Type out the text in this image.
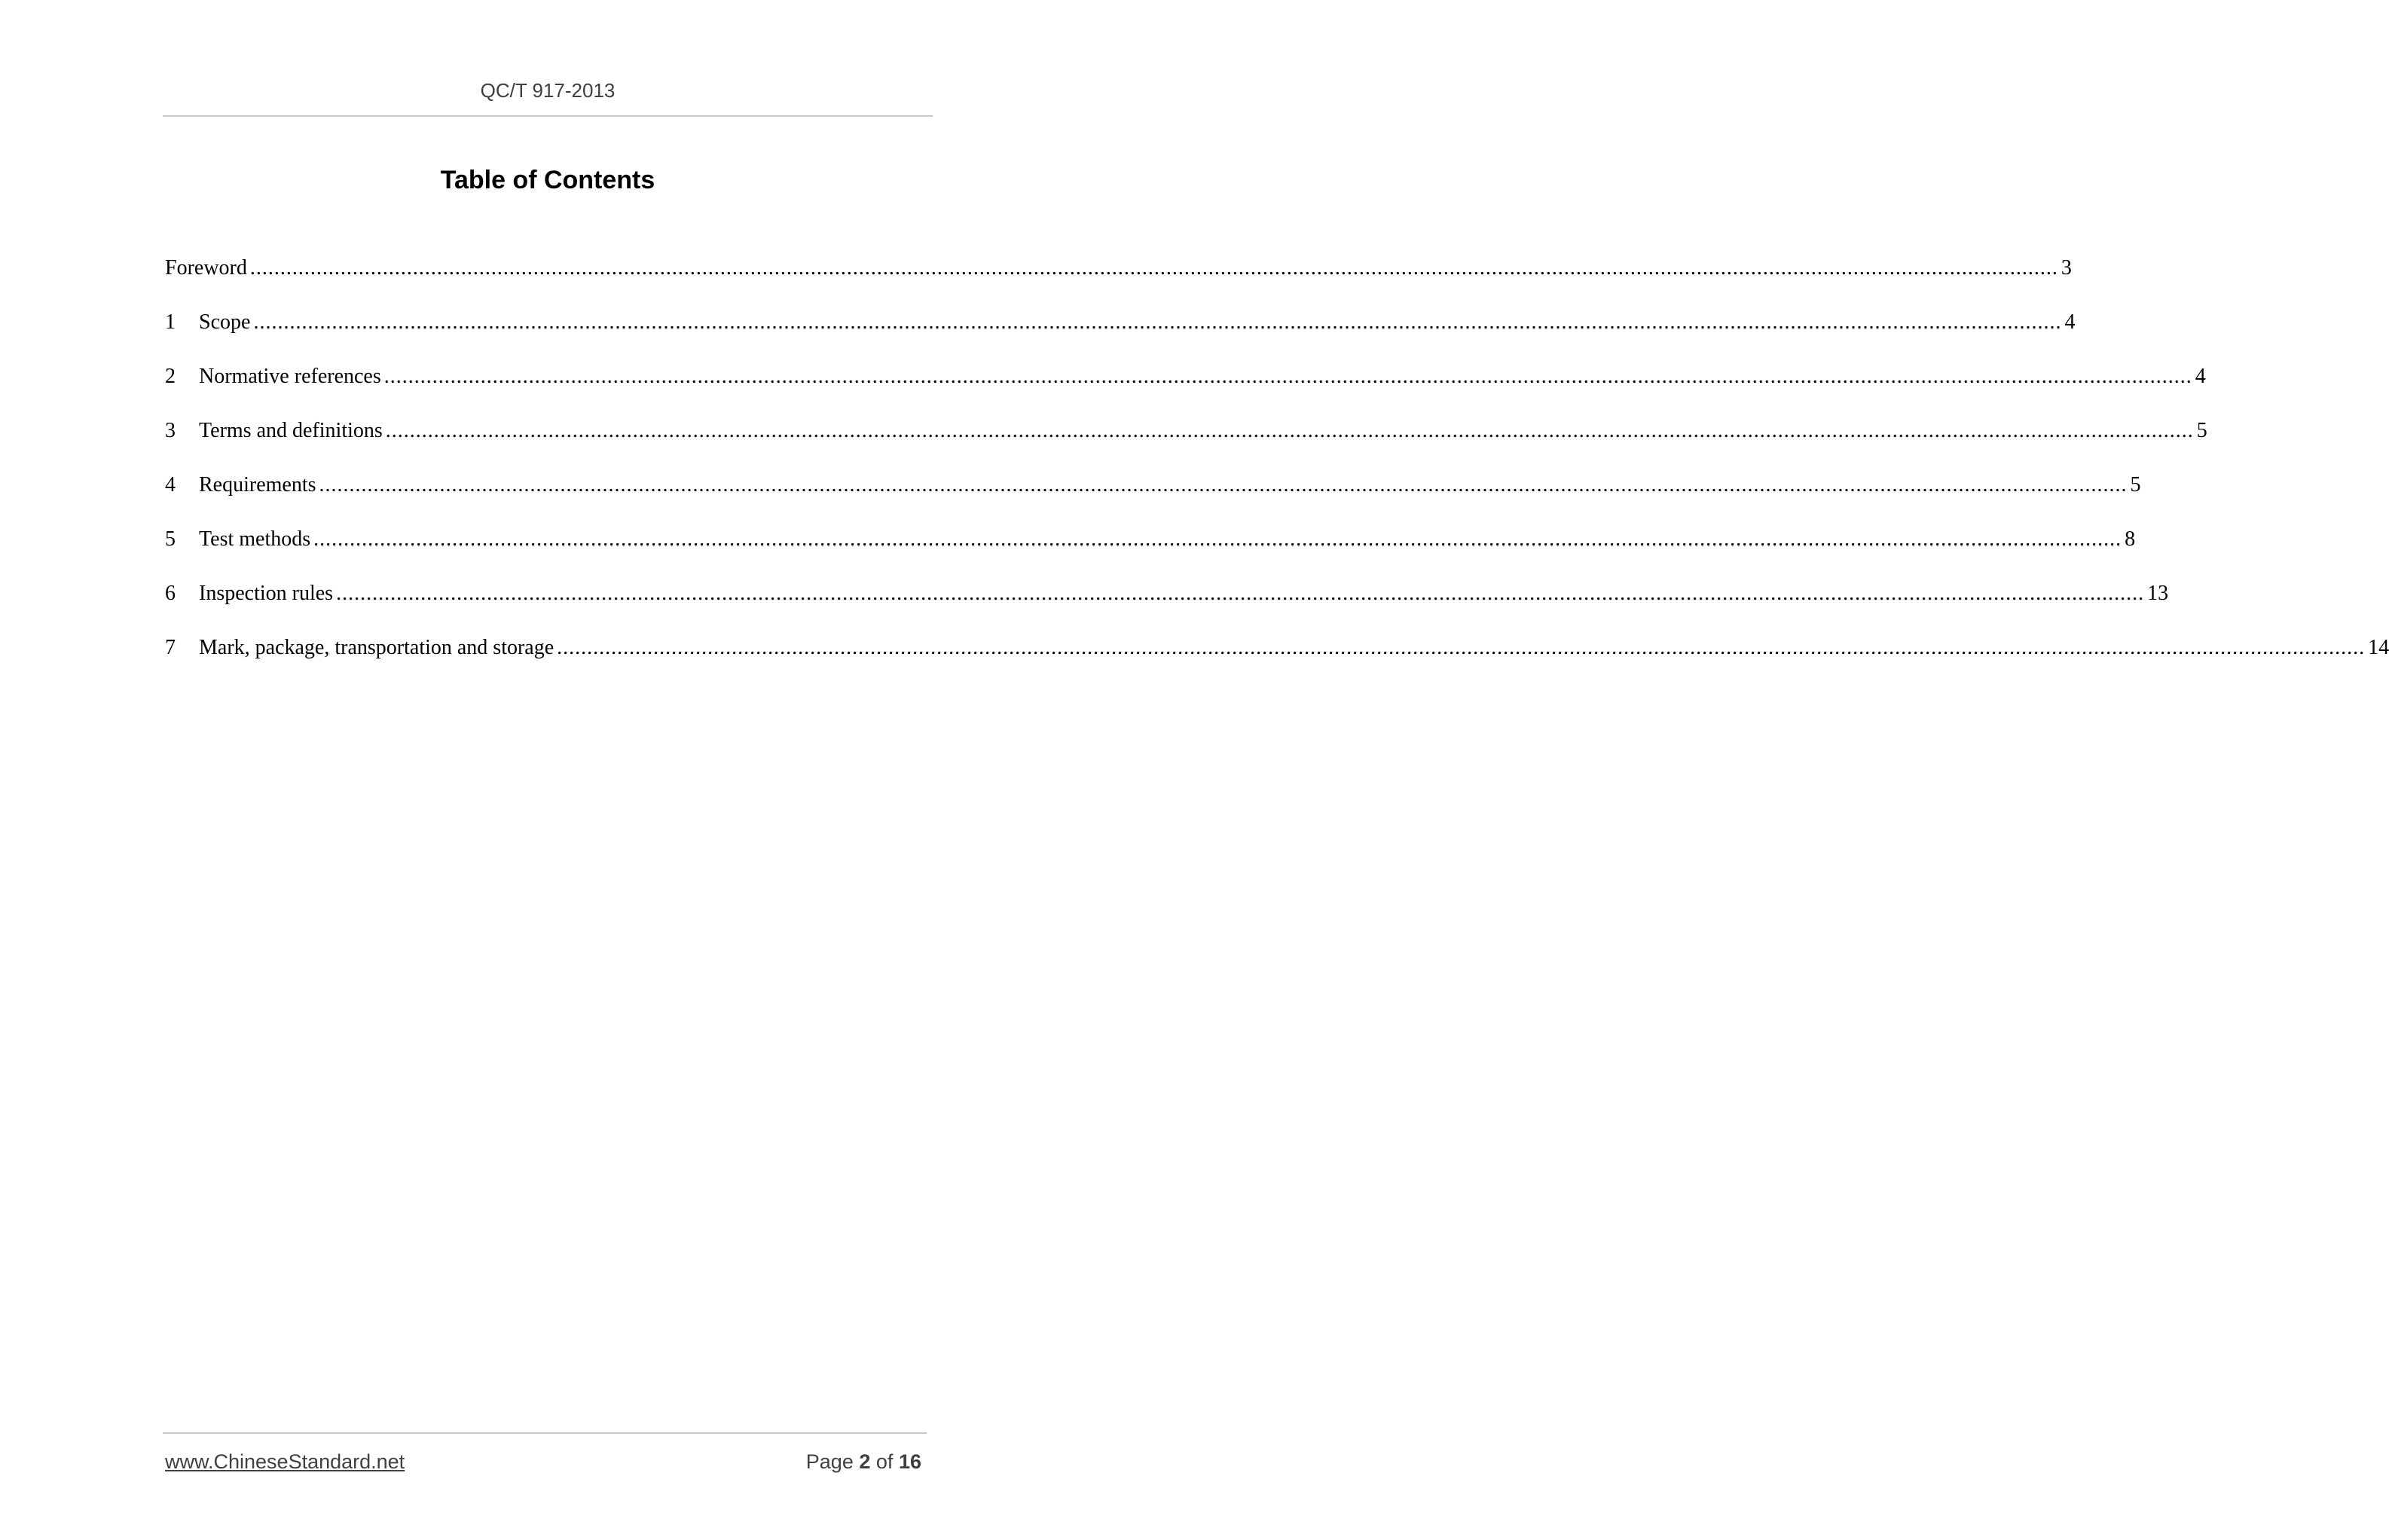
QC/T 917-2013
Table of Contents
Foreword ............................................................................................................................................................................................................................................................................................................ 3
1	Scope ............................................................................................................................................................................................................................................................................................................ 4
2	Normative references ............................................................................................................................................................................................................................................................................................................ 4
3	Terms and definitions ............................................................................................................................................................................................................................................................................................................ 5
4	Requirements ............................................................................................................................................................................................................................................................................................................ 5
5	Test methods ............................................................................................................................................................................................................................................................................................................ 8
6	Inspection rules ............................................................................................................................................................................................................................................................................................................ 13
7	Mark, package, transportation and storage ............................................................................................................................................................................................................................................................................................................ 14
www.ChineseStandard.net	Page 2 of 16
